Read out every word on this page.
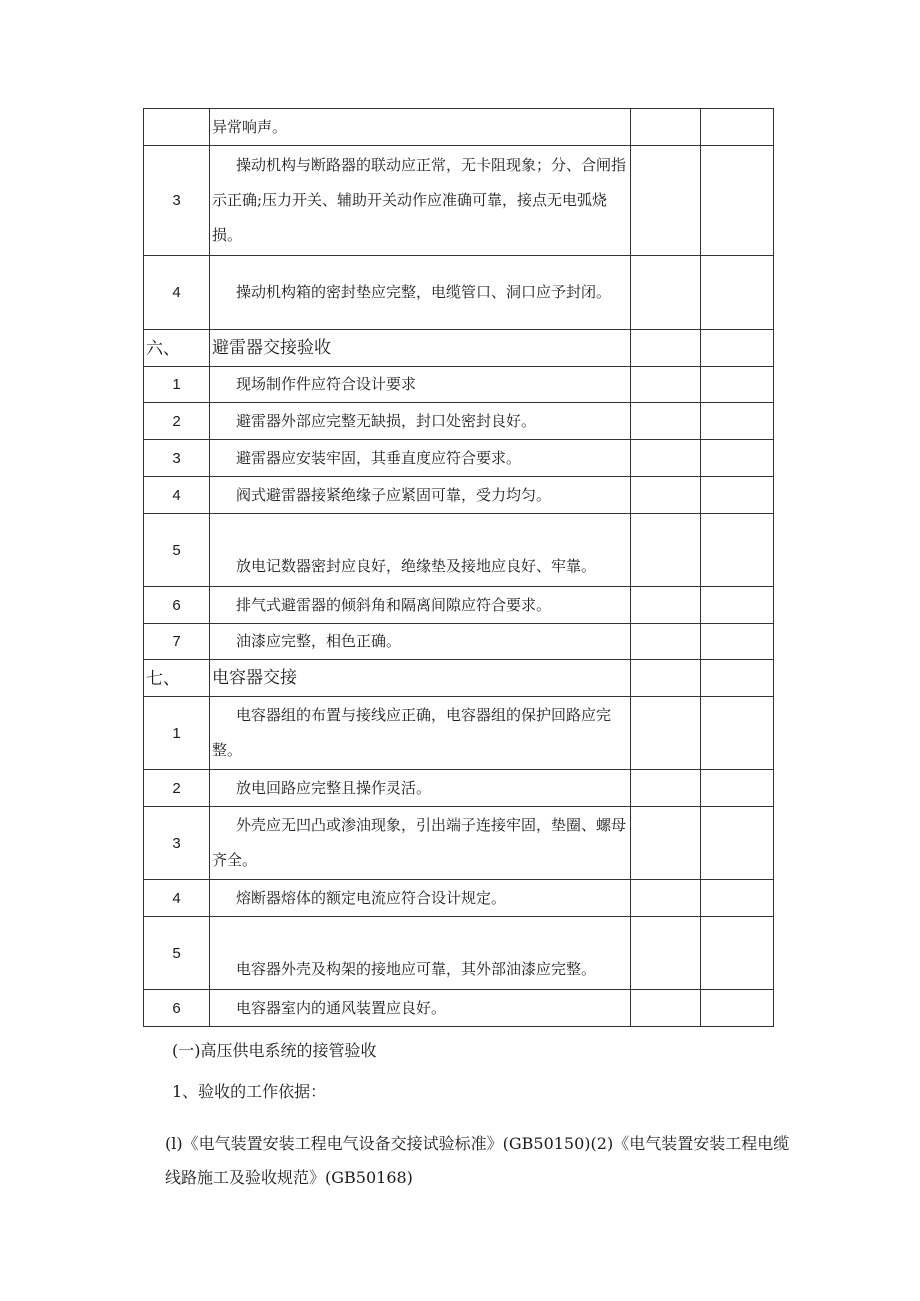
	异常响声。		
3	操动机构与断路器的联动应正常，无卡阻现象；分、合闸指示正确;压力开关、辅助开关动作应准确可靠，接点无电弧烧损。		
4	操动机构箱的密封垫应完整，电缆管口、洞口应予封闭。		
六、	避雷器交接验收		
1	现场制作件应符合设计要求		
2	避雷器外部应完整无缺损，封口处密封良好。		
3	避雷器应安装牢固，其垂直度应符合要求。		
4	阀式避雷器接紧绝缘子应紧固可靠，受力均匀。		
5	放电记数器密封应良好，绝缘垫及接地应良好、牢靠。		
6	排气式避雷器的倾斜角和隔离间隙应符合要求。		
7	油漆应完整，相色正确。		
七、	电容器交接		
1	电容器组的布置与接线应正确，电容器组的保护回路应完整。		
2	放电回路应完整且操作灵活。		
3	外壳应无凹凸或渗油现象，引出端子连接牢固，垫圈、螺母齐全。		
4	熔断器熔体的额定电流应符合设计规定。		
5	电容器外壳及构架的接地应可靠，其外部油漆应完整。		
6	电容器室内的通风装置应良好。		
(一)高压供电系统的接管验收
1、验收的工作依据：
(l)《电气装置安装工程电气设备交接试验标准》(GB50150)(2)《电气装置安装工程电缆线路施工及验收规范》(GB50168)
